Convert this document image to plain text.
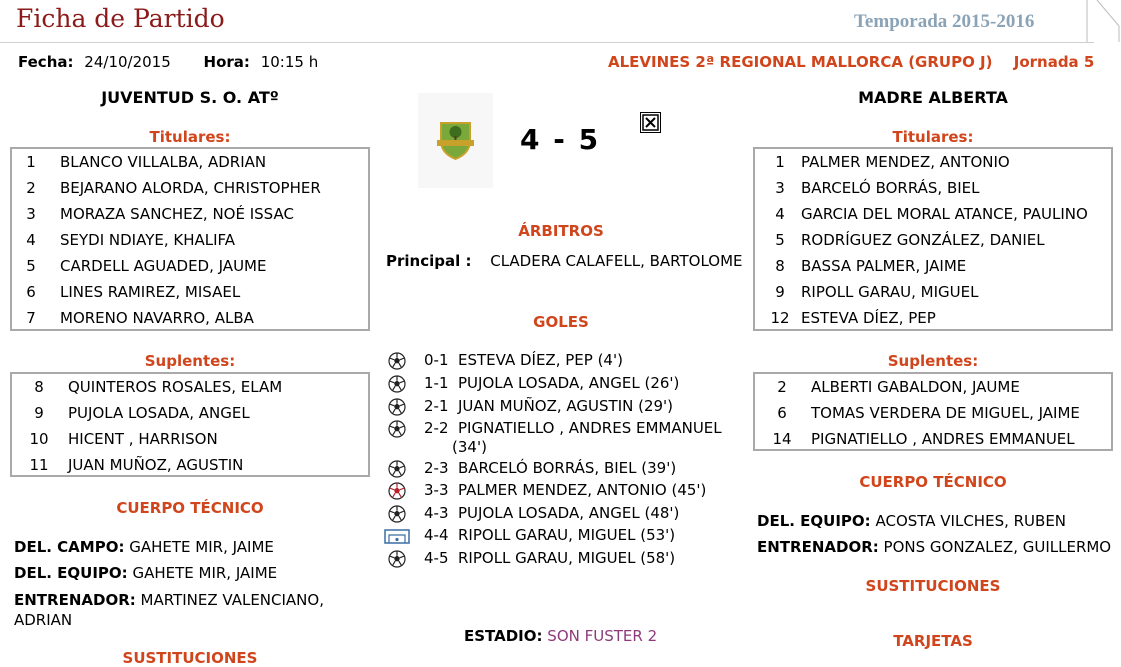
Ficha de Partido	Temporada 2015-2016
Fecha: 24/10/2015 Hora: 10:15 h	ALEVINES 2ª REGIONAL MALLORCA (GRUPO J) Jornada 5
JUVENTUD S. O. ATº	MADRE ALBERTA
4 - 5
Titulares:
1	BLANCO VILLALBA, ADRIAN
2	BEJARANO ALORDA, CHRISTOPHER
3	MORAZA SANCHEZ, NOÉ ISSAC
4	SEYDI NDIAYE, KHALIFA
5	CARDELL AGUADED, JAUME
6	LINES RAMIREZ, MISAEL
7	MORENO NAVARRO, ALBA
Suplentes:
8	QUINTEROS ROSALES, ELAM
9	PUJOLA LOSADA, ANGEL
10	HICENT , HARRISON
11	JUAN MUÑOZ, AGUSTIN
CUERPO TÉCNICO
DEL. CAMPO: GAHETE MIR, JAIME
DEL. EQUIPO: GAHETE MIR, JAIME
ENTRENADOR: MARTINEZ VALENCIANO, ADRIAN
SUSTITUCIONES
ÁRBITROS
Principal : CLADERA CALAFELL, BARTOLOME
GOLES
0-1 ESTEVA DÍEZ, PEP (4')
1-1 PUJOLA LOSADA, ANGEL (26')
2-1 JUAN MUÑOZ, AGUSTIN (29')
2-2 PIGNATIELLO , ANDRES EMMANUEL
(34')
2-3 BARCELÓ BORRÁS, BIEL (39')
3-3 PALMER MENDEZ, ANTONIO (45')
4-3 PUJOLA LOSADA, ANGEL (48')
4-4 RIPOLL GARAU, MIGUEL (53')
4-5 RIPOLL GARAU, MIGUEL (58')
ESTADIO: SON FUSTER 2
Titulares:
1	PALMER MENDEZ, ANTONIO
3	BARCELÓ BORRÁS, BIEL
4	GARCIA DEL MORAL ATANCE, PAULINO
5	RODRÍGUEZ GONZÁLEZ, DANIEL
8	BASSA PALMER, JAIME
9	RIPOLL GARAU, MIGUEL
12 ESTEVA DÍEZ, PEP
Suplentes:
2	ALBERTI GABALDON, JAUME
6	TOMAS VERDERA DE MIGUEL, JAIME
14	PIGNATIELLO , ANDRES EMMANUEL
CUERPO TÉCNICO
DEL. EQUIPO: ACOSTA VILCHES, RUBEN
ENTRENADOR: PONS GONZALEZ, GUILLERMO
SUSTITUCIONES
TARJETAS
